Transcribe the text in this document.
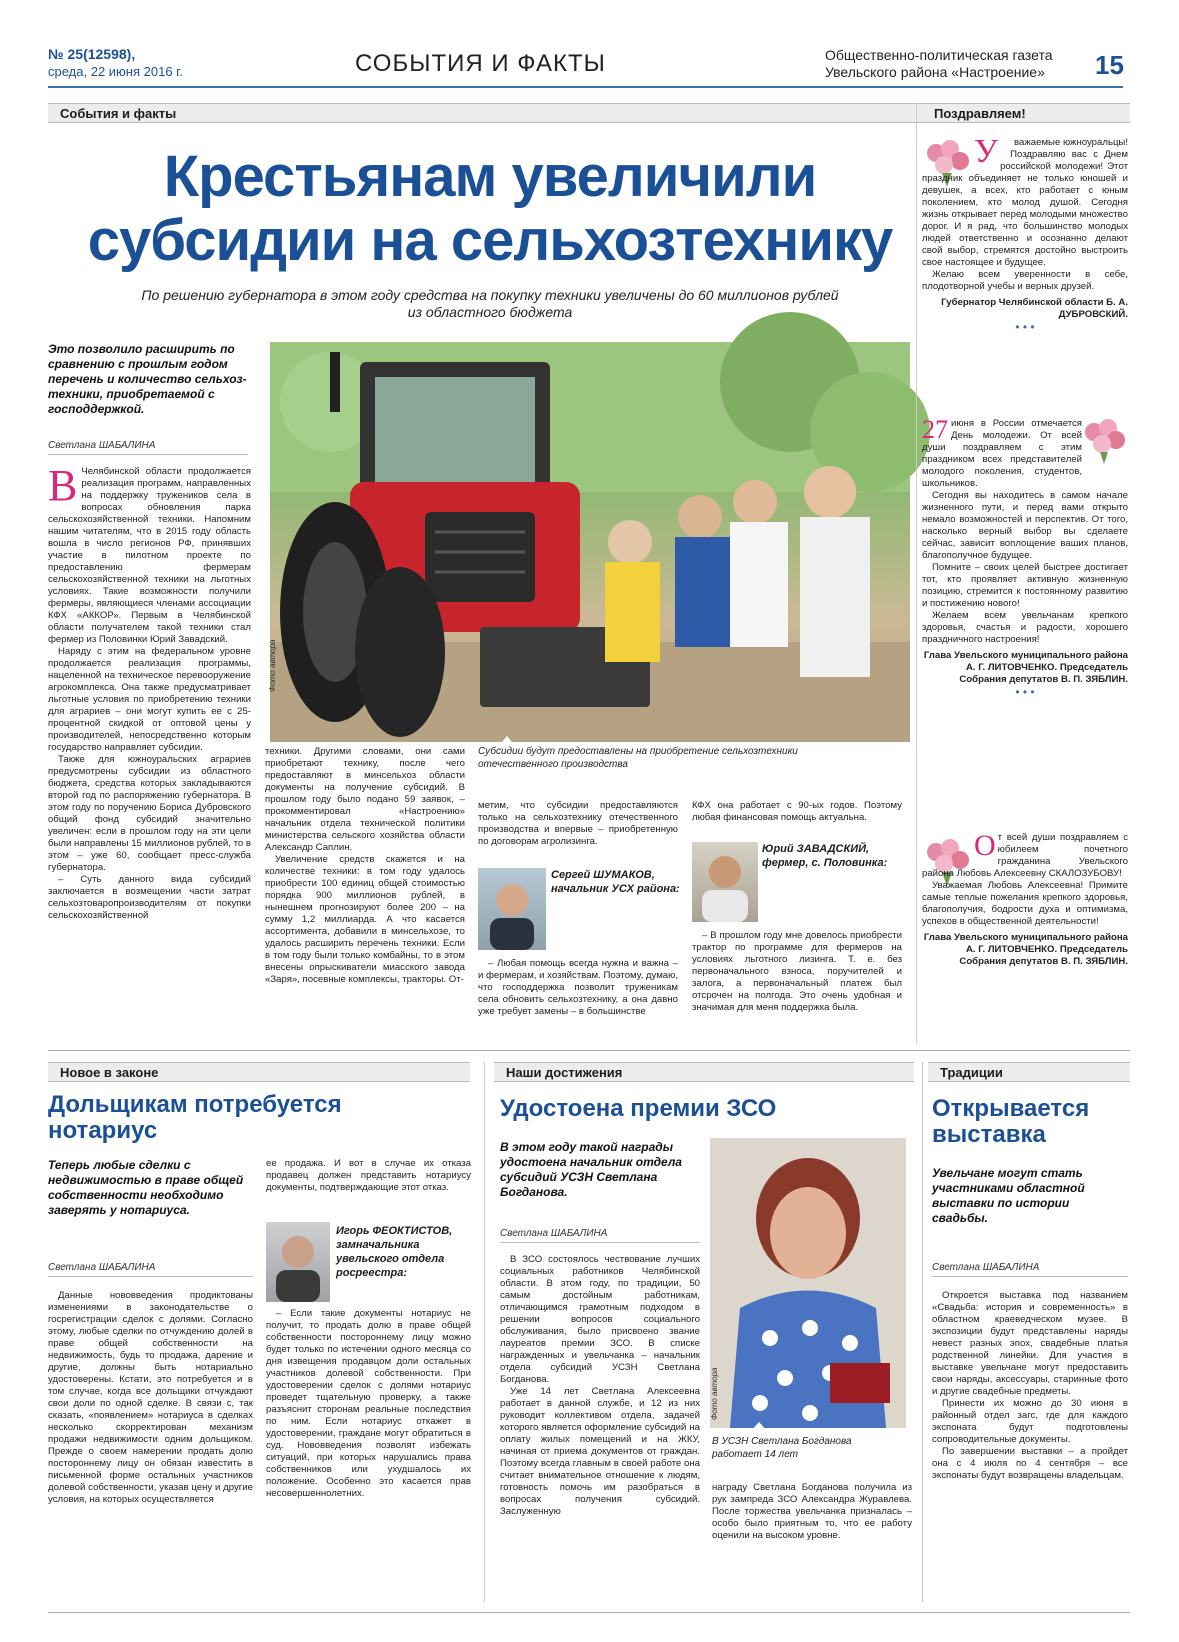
№ 25(12598),
среда, 22 июня 2016 г.	СОБЫТИЯ И ФАКТЫ	Общественно-политическая газета
Увельского района «Настроение» 15
События и факты
Крестьянам увеличили
субсидии на сельхозтехнику
По решению губернатора в этом году средства на покупку техники увеличены до 60 миллионов рублей
из областного бюджета
Это позволило расширить по сравнению с прошлым годом перечень и количество сельхоз-техники, приобретаемой с господдержкой.
Светлана ШАБАЛИНА
В Челябинской области продолжается реализация программ, направленных на поддержку тружеников села в вопросах обновления парка сельскохозяйственной техники. Напомним нашим читателям, что в 2015 году область вошла в число регионов РФ, принявших участие в пилотном проекте по предоставлению фермерам сельскохозяйственной техники на льготных условиях. Такие возможности получили фермеры, являющиеся членами ассоциации КФХ «АККОР». Первым в Челябинской области получателем такой техники стал фермер из Половинки Юрий Завадский.

Наряду с этим на федеральном уровне продолжается реализация программы, нацеленной на техническое перевооружение агрокомплекса. Она также предусматривает льготные условия по приобретению техники для аграриев – они могут купить ее с 25-процентной скидкой от оптовой цены у производителей, непосредственно которым государство направляет субсидии.

Также для южноуральских аграриев предусмотрены субсидии из областного бюджета, средства которых закладываются второй год по распоряжению губернатора. В этом году по поручению Бориса Дубровского общий фонд субсидий значительно увеличен: если в прошлом году на эти цели были направлены 15 миллионов рублей, то в этом – уже 60, сообщает пресс-служба губернатора.

– Суть данного вида субсидий заключается в возмещении части затрат сельхозтоваропроизводителям от покупки сельскохозяйственной

Фото автора
Субсидии будут предоставлены на приобретение сельхозтехники отечественного производства

техники. Другими словами, они сами приобретают технику, после чего предоставляют в минсельхоз области документы на получение субсидий. В прошлом году было подано 59 заявок, – прокомментировал «Настроению» начальник отдела технической политики министерства сельского хозяйства области Александр Саплин.

Увеличение средств скажется и на количестве техники: в том году удалось приобрести 100 единиц общей стоимостью порядка 900 миллионов рублей, в нынешнем прогнозируют более 200 – на сумму 1,2 миллиарда. А что касается ассортимента, добавили в минсельхозе, то удалось расширить перечень техники. Если в том году были только комбайны, то в этом внесены опрыскиватели миасского завода «Заря», посевные комплексы, тракторы. От-

метим, что субсидии предоставляются только на сельхозтехнику отечественного производства и впервые – приобретенную по договорам агролизинга.

Сергей ШУМАКОВ,
начальник УСХ района:

– Любая помощь всегда нужна и важна – и фермерам, и хозяйствам. Поэтому, думаю, что господдержка позволит труженикам села обновить сельхозтехнику, а она давно уже требует замены – в большинстве

КФХ она работает с 90-ых годов. Поэтому любая финансовая помощь актуальна.

Юрий ЗАВАДСКИЙ,
фермер, с. Половинка:

– В прошлом году мне довелось приобрести трактор по программе для фермеров на условиях льготного лизинга. Т. е. без первоначального взноса, поручителей и залога, а первоначальный платеж был отсрочен на полгода. Это очень удобная и значимая для меня поддержка была.

Поздравляем!
У	важаемые южноуральцы!

Поздравляю вас с Днем российской молодежи! Этот праздник объединяет не только юношей и девушек, а всех, кто работает с юным поколением, кто молод душой. Сегодня жизнь открывает перед молодыми множество дорог. И я рад, что большинство молодых людей ответственно и осознанно делают свой выбор, стремятся достойно выстроить свое настоящее и будущее.

Желаю всем уверенности в себе, плодотворной учебы и верных друзей.

Губернатор Челябинской области Б. А. ДУБРОВСКИЙ.
• • •
27 июня в России отмечается День молодежи. От всей души поздравляем с этим праздником всех представителей молодого поколения, студентов, школьников.

Сегодня вы находитесь в самом начале жизненного пути, и перед вами открыто немало возможностей и перспектив. От того, насколько верный выбор вы сделаете сейчас, зависит воплощение ваших планов, благополучное будущее.

Помните – своих целей быстрее достигает тот, кто проявляет активную жизненную позицию, стремится к постоянному развитию и постижению нового!

Желаем всем увельчанам крепкого здоровья, счастья и радости, хорошего праздничного настроения!

Глава Увельского муниципального района А. Г. ЛИТОВЧЕНКО. Председатель Собрания депутатов В. П. ЗЯБЛИН.
• • •
О т всей души поздравляем с юбилеем почетного гражданина Увельского района Любовь Алексеевну СКАЛОЗУБОВУ!

Уважаемая Любовь Алексеевна! Примите самые теплые пожелания крепкого здоровья, благополучия, бодрости духа и оптимизма, успехов в общественной деятельности!

Глава Увельского муниципального района А. Г. ЛИТОВЧЕНКО. Председатель Собрания депутатов В. П. ЗЯБЛИН.
Новое в законе
Дольщикам потребуется нотариус
Теперь любые сделки с недвижимостью в праве общей собственности необходимо заверять у нотариуса.
Светлана ШАБАЛИНА

Данные нововведения продиктованы изменениями в законодательстве о госрегистрации сделок с долями. Согласно этому, любые сделки по отчуждению долей в праве общей собственности на недвижимость, будь то продажа, дарение и другие, должны быть нотариально удостоверены. Кстати, это потребуется и в том случае, когда все дольщики отчуждают свои доли по одной сделке. В связи с, так сказать, «появлением» нотариуса в сделках несколько скорректирован механизм продажи недвижимости одним дольщиком. Прежде о своем намерении продать долю постороннему лицу он обязан известить в письменной форме остальных участников долевой собственности, указав цену и другие условия, на которых осуществляется

ее продажа. И вот в случае их отказа продавец должен представить нотариусу документы, подтверждающие этот отказ.

Игорь ФЕОКТИСТОВ,
замначальника увельского отдела росреестра:

– Если такие документы нотариус не получит, то продать долю в праве общей собственности постороннему лицу можно будет только по истечении одного месяца со дня извещения продавцом доли остальных участников долевой собственности. При удостоверении сделок с долями нотариус проведет тщательную проверку, а также разъяснит сторонам реальные последствия по ним. Если нотариус откажет в удостоверении, граждане могут обратиться в суд. Нововведения позволят избежать ситуаций, при которых нарушались права собственников или ухудшалось их положение. Особенно это касается прав несовершеннолетних.

Наши достижения
Удостоена премии ЗСО
В этом году такой награды удостоена начальник отдела субсидий УСЗН Светлана Богданова.
Светлана ШАБАЛИНА

В ЗСО состоялось чествование лучших социальных работников Челябинской области. В этом году, по традиции, 50 самым достойным работникам, отличающимся грамотным подходом в решении вопросов социального обслуживания, было присвоено звание лауреатов премии ЗСО. В списке награжденных и увельчанка – начальник отдела субсидий УСЗН Светлана Богданова.

Уже 14 лет Светлана Алексеевна работает в данной службе, и 12 из них руководит коллективом отдела, задачей которого является оформление субсидий на оплату жилых помещений и на ЖКУ, начиная от приема документов от граждан. Поэтому всегда главным в своей работе она считает внимательное отношение к людям, готовность помочь им разобраться в вопросах получения субсидий. Заслуженную

Фото автора
В УСЗН Светлана Богданова работает 14 лет

награду Светлана Богданова получила из рук зампреда ЗСО Александра Журавлева. После торжества увельчанка призналась – особо было приятным то, что ее работу оценили на высоком уровне.

Традиции
Открывается выставка
Увельчане могут стать участниками областной выставки по истории свадьбы.
Светлана ШАБАЛИНА

Откроется выставка под названием «Свадьба: история и современность» в областном краеведческом музее. В экспозиции будут представлены наряды невест разных эпох, свадебные платья родственной линейки. Для участия в выставке увельчане могут предоставить свои наряды, аксессуары, старинные фото и другие свадебные предметы.

Принести их можно до 30 июня в районный отдел загс, где для каждого экспоната будут подготовлены сопроводительные документы.

По завершении выставки – а пройдет она с 4 июля по 4 сентября – все экспонаты будут возвращены владельцам.
